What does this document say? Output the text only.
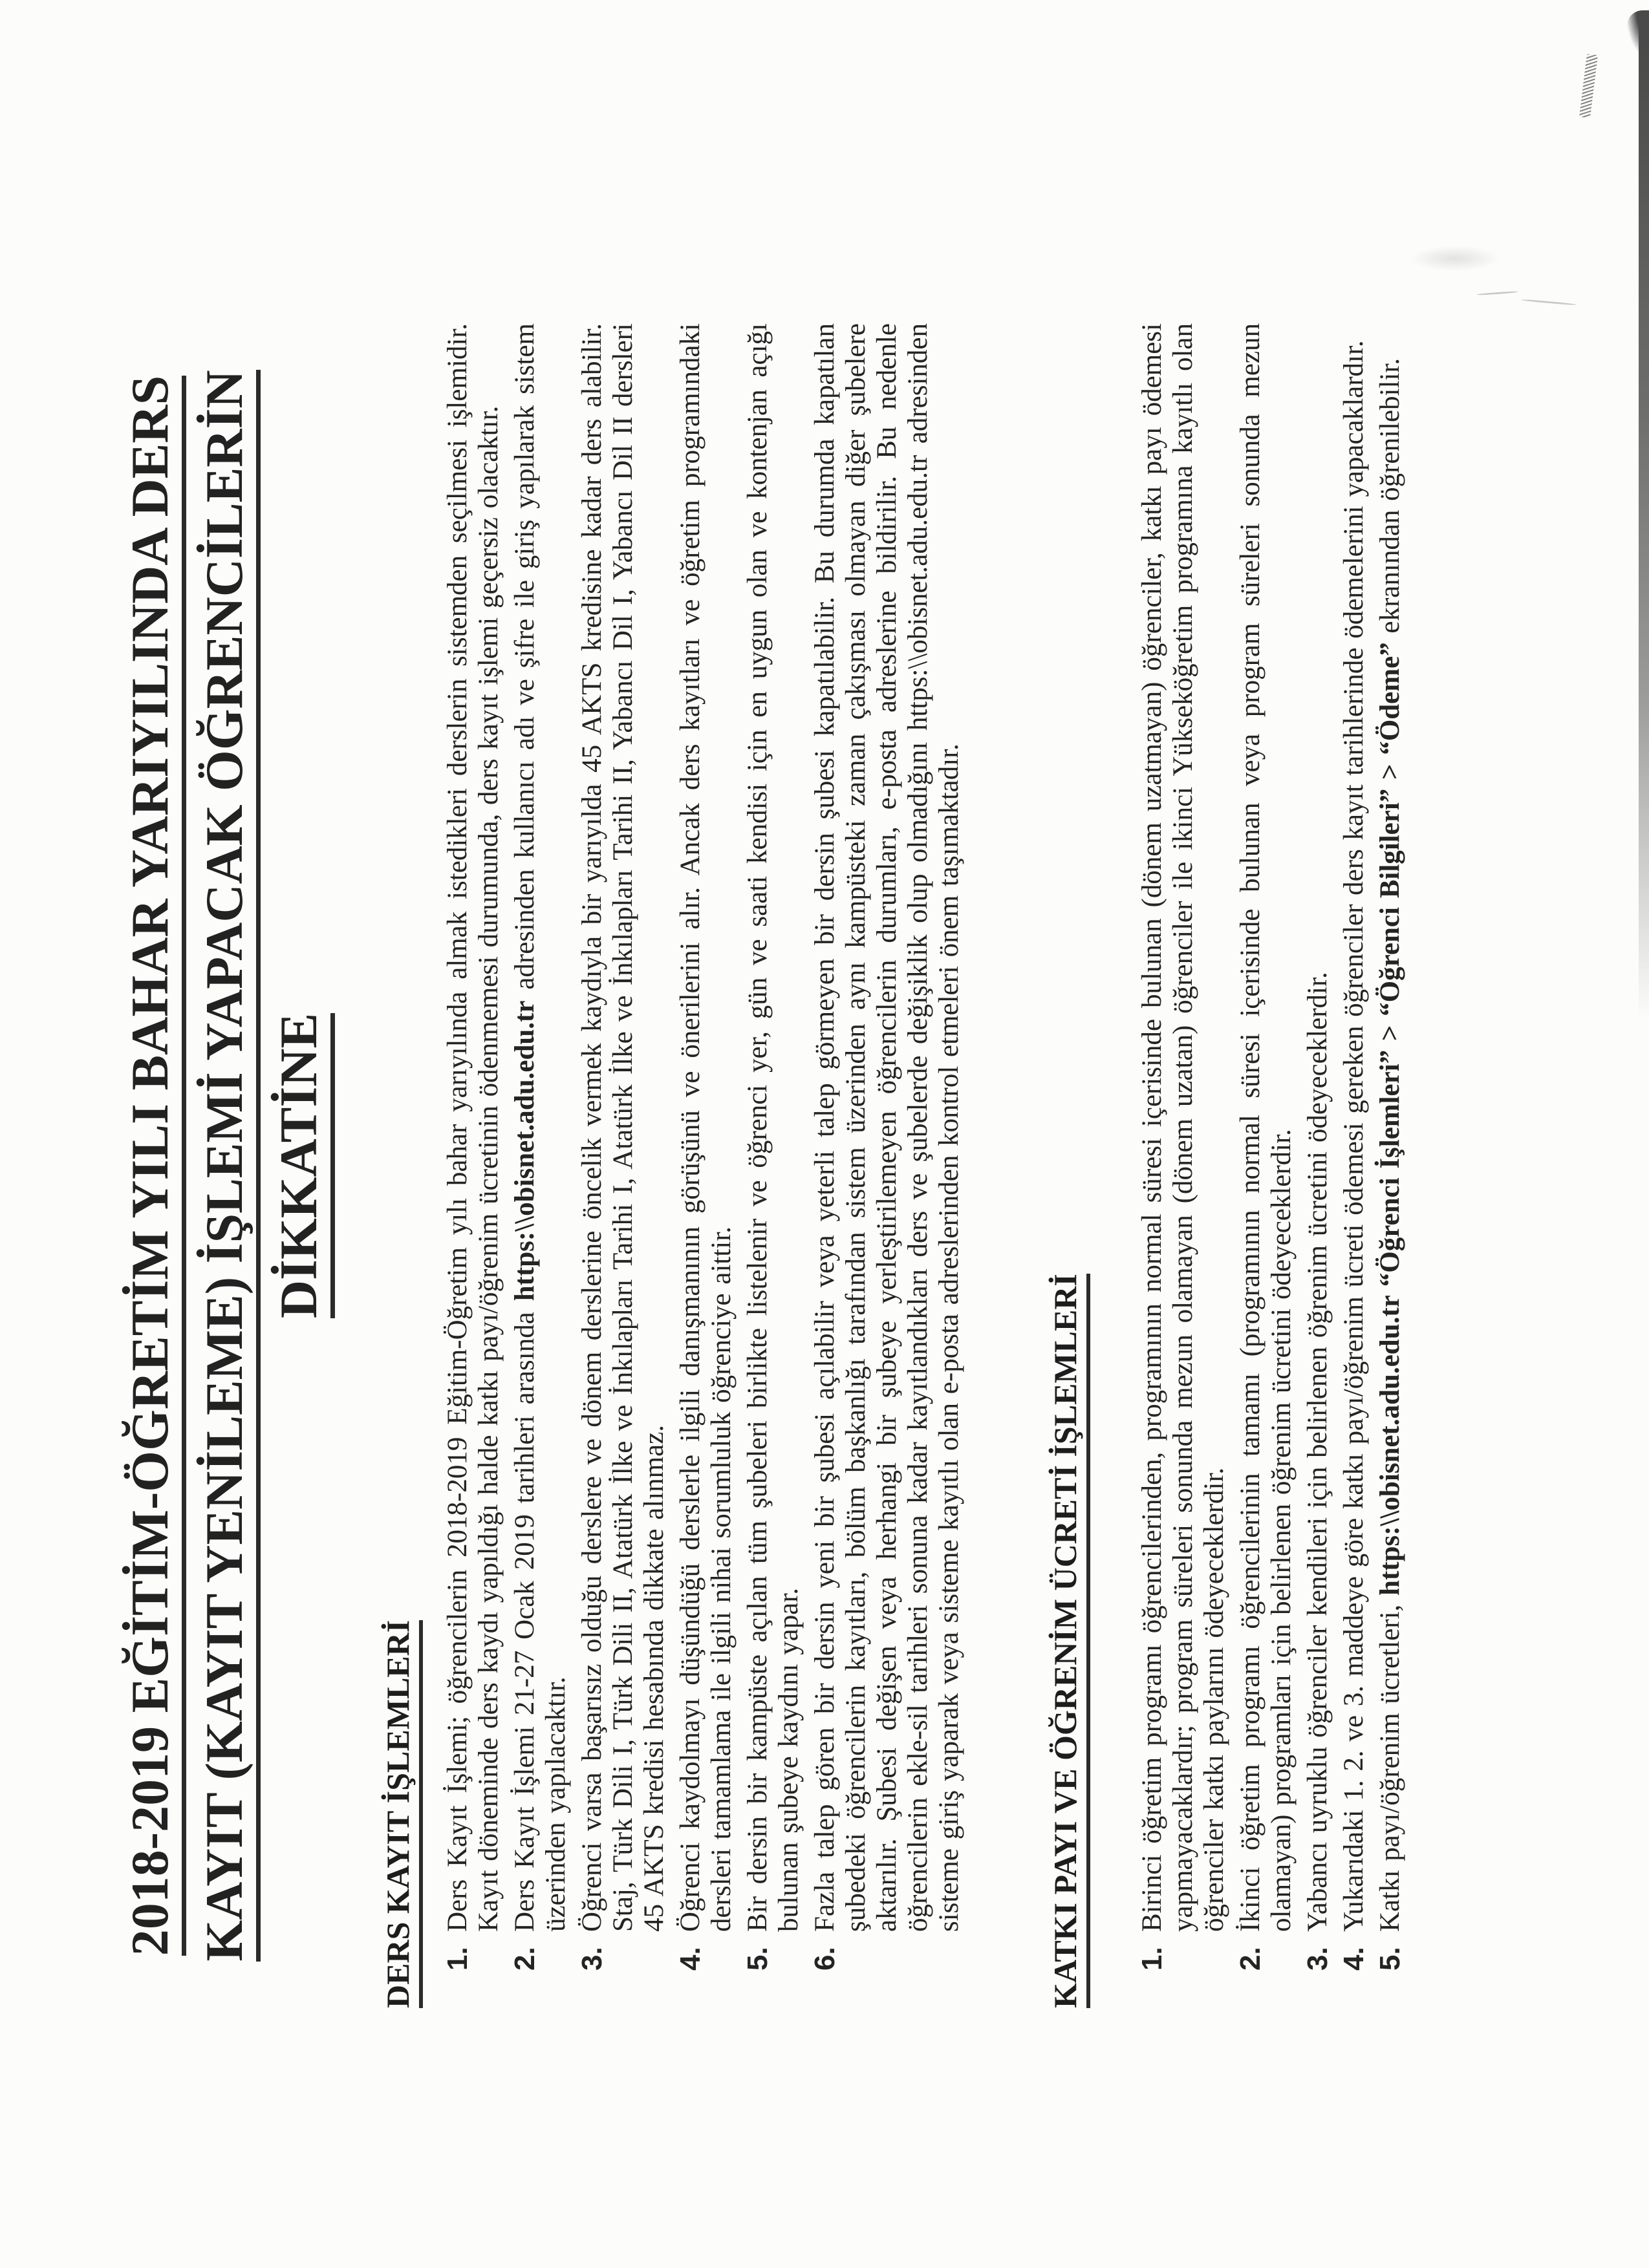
2018-2019 EĞİTİM-ÖĞRETİM YILI BAHAR YARIYILINDA DERS KAYIT (KAYIT YENİLEME) İŞLEMİ YAPACAK ÖĞRENCİLERİN DİKKATİNE
DERS KAYIT İŞLEMLERİ 1.

Ders Kayıt İşlemi; öğrencilerin 2018-2019 Eğitim-Öğretim yılı bahar yarıyılında almak istedikleri derslerin sistemden seçilmesi işlemidir. Kayıt döneminde ders kaydı yapıldığı halde katkı payı/öğrenim ücretinin ödenmemesi durumunda, ders kayıt işlemi geçersiz olacaktır.

2.

Ders Kayıt İşlemi 21-27 Ocak 2019 tarihleri arasında https:\\obisnet.adu.edu.tr adresinden kullanıcı adı ve şifre ile giriş yapılarak sistem üzerinden yapılacaktır.

3.

Öğrenci varsa başarısız olduğu derslere ve dönem derslerine öncelik vermek kaydıyla bir yarıyılda 45 AKTS kredisine kadar ders alabilir. Staj, Türk Dili I, Türk Dili II, Atatürk İlke ve İnkılapları Tarihi I, Atatürk İlke ve İnkılapları Tarihi II, Yabancı Dil I, Yabancı Dil II dersleri 45 AKTS kredisi hesabında dikkate alınmaz.

4.

Öğrenci kaydolmayı düşündüğü derslerle ilgili danışmanının görüşünü ve önerilerini alır. Ancak ders kayıtları ve öğretim programındaki dersleri tamamlama ile ilgili nihai sorumluluk öğrenciye aittir.

5.

Bir dersin bir kampüste açılan tüm şubeleri birlikte listelenir ve öğrenci yer, gün ve saati kendisi için en uygun olan ve kontenjan açığı bulunan şubeye kaydını yapar.

6.

Fazla talep gören bir dersin yeni bir şubesi açılabilir veya yeterli talep görmeyen bir dersin şubesi kapatılabilir. Bu durumda kapatılan şubedeki öğrencilerin kayıtları, bölüm başkanlığı tarafından sistem üzerinden aynı kampüsteki zaman çakışması olmayan diğer şubelere aktarılır. Şubesi değişen veya herhangi bir şubeye yerleştirilemeyen öğrencilerin durumları, e-posta adreslerine bildirilir. Bu nedenle öğrencilerin ekle-sil tarihleri sonuna kadar kayıtlandıkları ders ve şubelerde değişiklik olup olmadığını https:\\obisnet.adu.edu.tr adresinden sisteme giriş yaparak veya sisteme kayıtlı olan e-posta adreslerinden kontrol etmeleri önem taşımaktadır.	KATKI PAYI VE ÖĞRENİM ÜCRETİ İŞLEMLERİ 1.

Birinci öğretim programı öğrencilerinden, programının normal süresi içerisinde bulunan (dönem uzatmayan) öğrenciler, katkı payı ödemesi yapmayacaklardır; program süreleri sonunda mezun olamayan (dönem uzatan) öğrenciler ile ikinci Yükseköğretim programına kayıtlı olan öğrenciler katkı paylarını ödeyeceklerdir.

2.

İkinci öğretim programı öğrencilerinin tamamı (programının normal süresi içerisinde bulunan veya program süreleri sonunda mezun olamayan) programları için belirlenen öğrenim ücretini ödeyeceklerdir.

3.

Yabancı uyruklu öğrenciler kendileri için belirlenen öğrenim ücretini ödeyeceklerdir.

4.

Yukarıdaki 1. 2. ve 3. maddeye göre katkı payı/öğrenim ücreti ödemesi gereken öğrenciler ders kayıt tarihlerinde ödemelerini yapacaklardır.

5.

Katkı payı/öğrenim ücretleri, https:\\obisnet.adu.edu.tr “Öğrenci İşlemleri” > “Öğrenci Bilgileri” > “Ödeme” ekranından öğrenilebilir.
